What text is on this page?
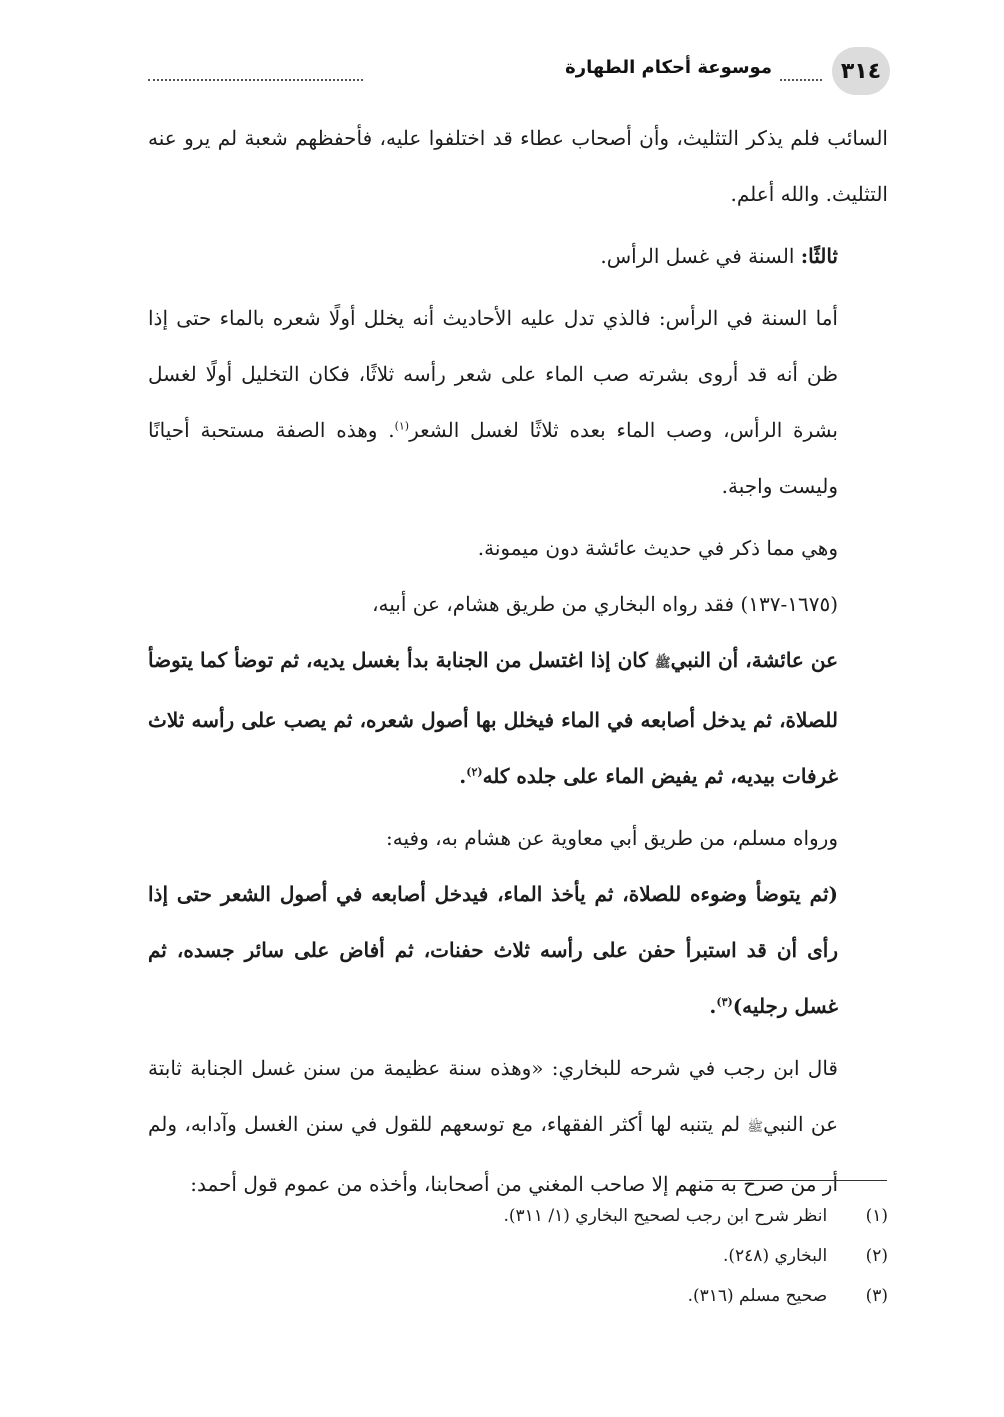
٣١٤
موسوعة أحكام الطهارة

السائب فلم يذكر التثليث، وأن أصحاب عطاء قد اختلفوا عليه، فأحفظهم شعبة لم يرو عنه التثليث. والله أعلم.

ثالثًا: السنة في غسل الرأس.

أما السنة في الرأس: فالذي تدل عليه الأحاديث أنه يخلل أولًا شعره بالماء حتى إذا ظن أنه قد أروى بشرته صب الماء على شعر رأسه ثلاثًا، فكان التخليل أولًا لغسل بشرة الرأس، وصب الماء بعده ثلاثًا لغسل الشعر$^{(١)}$. وهذه الصفة مستحبة أحيانًا وليست واجبة.

وهي مما ذكر في حديث عائشة دون ميمونة.

(١٦٧٥-١٣٧) فقد رواه البخاري من طريق هشام، عن أبيه،

عن عائشة، أن النبيﷺ كان إذا اغتسل من الجنابة بدأ بغسل يديه، ثم توضأ كما يتوضأ للصلاة، ثم يدخل أصابعه في الماء فيخلل بها أصول شعره، ثم يصب على رأسه ثلاث غرفات بيديه، ثم يفيض الماء على جلده كله$^{(٢)}$.

ورواه مسلم، من طريق أبي معاوية عن هشام به، وفيه:

(ثم يتوضأ وضوءه للصلاة، ثم يأخذ الماء، فيدخل أصابعه في أصول الشعر حتى إذا رأى أن قد استبرأ حفن على رأسه ثلاث حفنات، ثم أفاض على سائر جسده، ثم غسل رجليه)$^{(٣)}$.

قال ابن رجب في شرحه للبخاري: «وهذه سنة عظيمة من سنن غسل الجنابة ثابتة عن النبيﷺ لم يتنبه لها أكثر الفقهاء، مع توسعهم للقول في سنن الغسل وآدابه، ولم أر من صرح به منهم إلا صاحب المغني من أصحابنا، وأخذه من عموم قول أحمد:

(١)  انظر شرح ابن رجب لصحيح البخاري (١/ ٣١١).
(٢)  البخاري (٢٤٨).
(٣)  صحيح مسلم (٣١٦).
